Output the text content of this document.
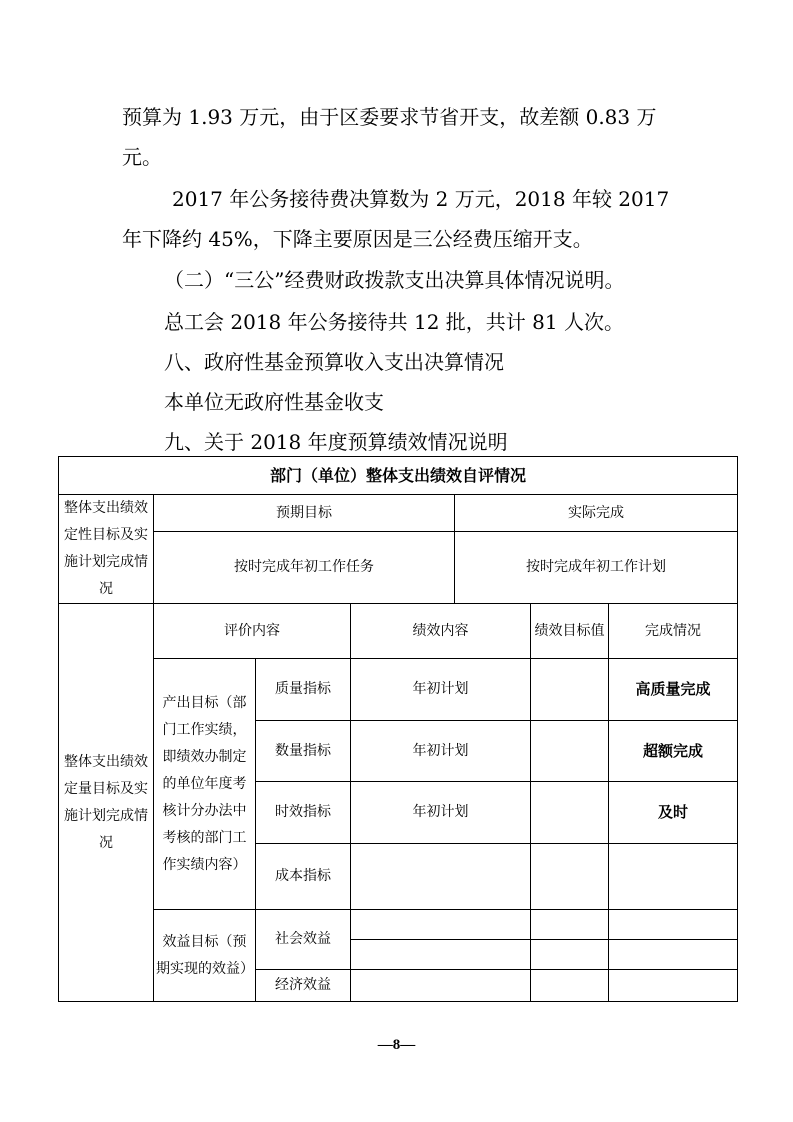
预算为 1.93 万元，由于区委要求节省开支，故差额 0.83 万

元。

2017 年公务接待费决算数为 2 万元，2018 年较 2017

年下降约 45%，下降主要原因是三公经费压缩开支。

（二）“三公”经费财政拨款支出决算具体情况说明。

总工会 2018 年公务接待共 12 批，共计 81 人次。

八、政府性基金预算收入支出决算情况

本单位无政府性基金收支

九、关于 2018 年度预算绩效情况说明

部门（单位）整体支出绩效自评情况						
整体支出绩效定性目标及实施计划完成情况	预期目标			实际完成		
	按时完成年初工作任务			按时完成年初工作计划		
整体支出绩效定量目标及实施计划完成情况	评价内容		绩效内容		绩效目标值	完成情况
	产出目标（部门工作实绩，即绩效办制定的单位年度考核计分办法中考核的部门工作实绩内容）	质量指标	年初计划			高质量完成
		数量指标	年初计划			超额完成
		时效指标	年初计划			及时
		成本指标				
	效益目标（预期实现的效益）	社会效益				

		经济效益				
—8—
